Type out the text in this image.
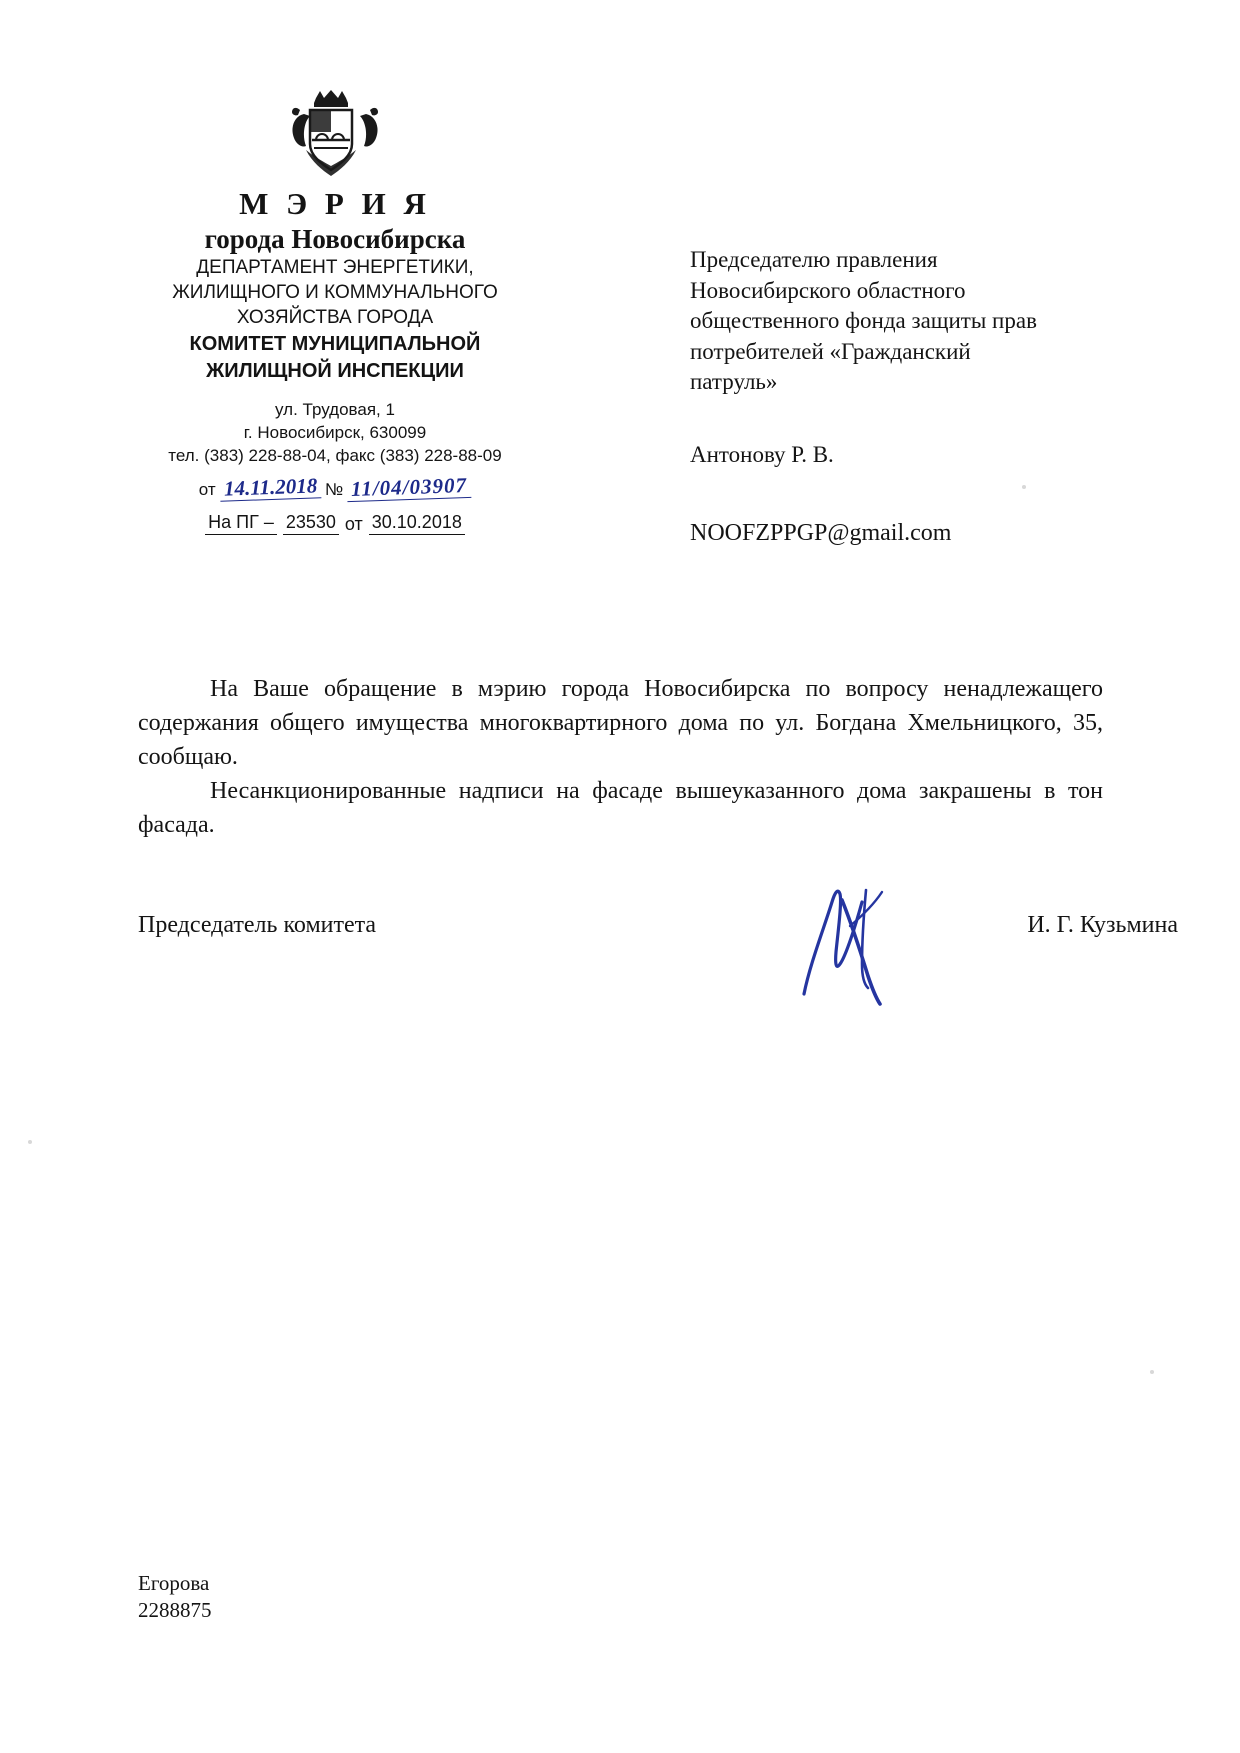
М Э Р И Я
города Новосибирска
ДЕПАРТАМЕНТ ЭНЕРГЕТИКИ,
ЖИЛИЩНОГО И КОММУНАЛЬНОГО
ХОЗЯЙСТВА ГОРОДА
КОМИТЕТ МУНИЦИПАЛЬНОЙ
ЖИЛИЩНОЙ ИНСПЕКЦИИ
ул. Трудовая, 1
г. Новосибирск, 630099
тел. (383) 228-88-04, факс (383) 228-88-09
от 14.11.2018 № 11/04/03907
На ПГ – 23530 от 30.10.2018
Председателю правления
Новосибирского областного
общественного фонда защиты прав
потребителей «Гражданский
патруль»
Антонову Р. В.
NOOFZPPGP@gmail.com

На Ваше обращение в мэрию города Новосибирска по вопросу ненадлежащего содержания общего имущества многоквартирного дома по ул. Богдана Хмельницкого, 35, сообщаю.

Несанкционированные надписи на фасаде вышеуказанного дома закрашены в тон фасада.

Председатель комитета	И. Г. Кузьмина
Егорова
2288875
